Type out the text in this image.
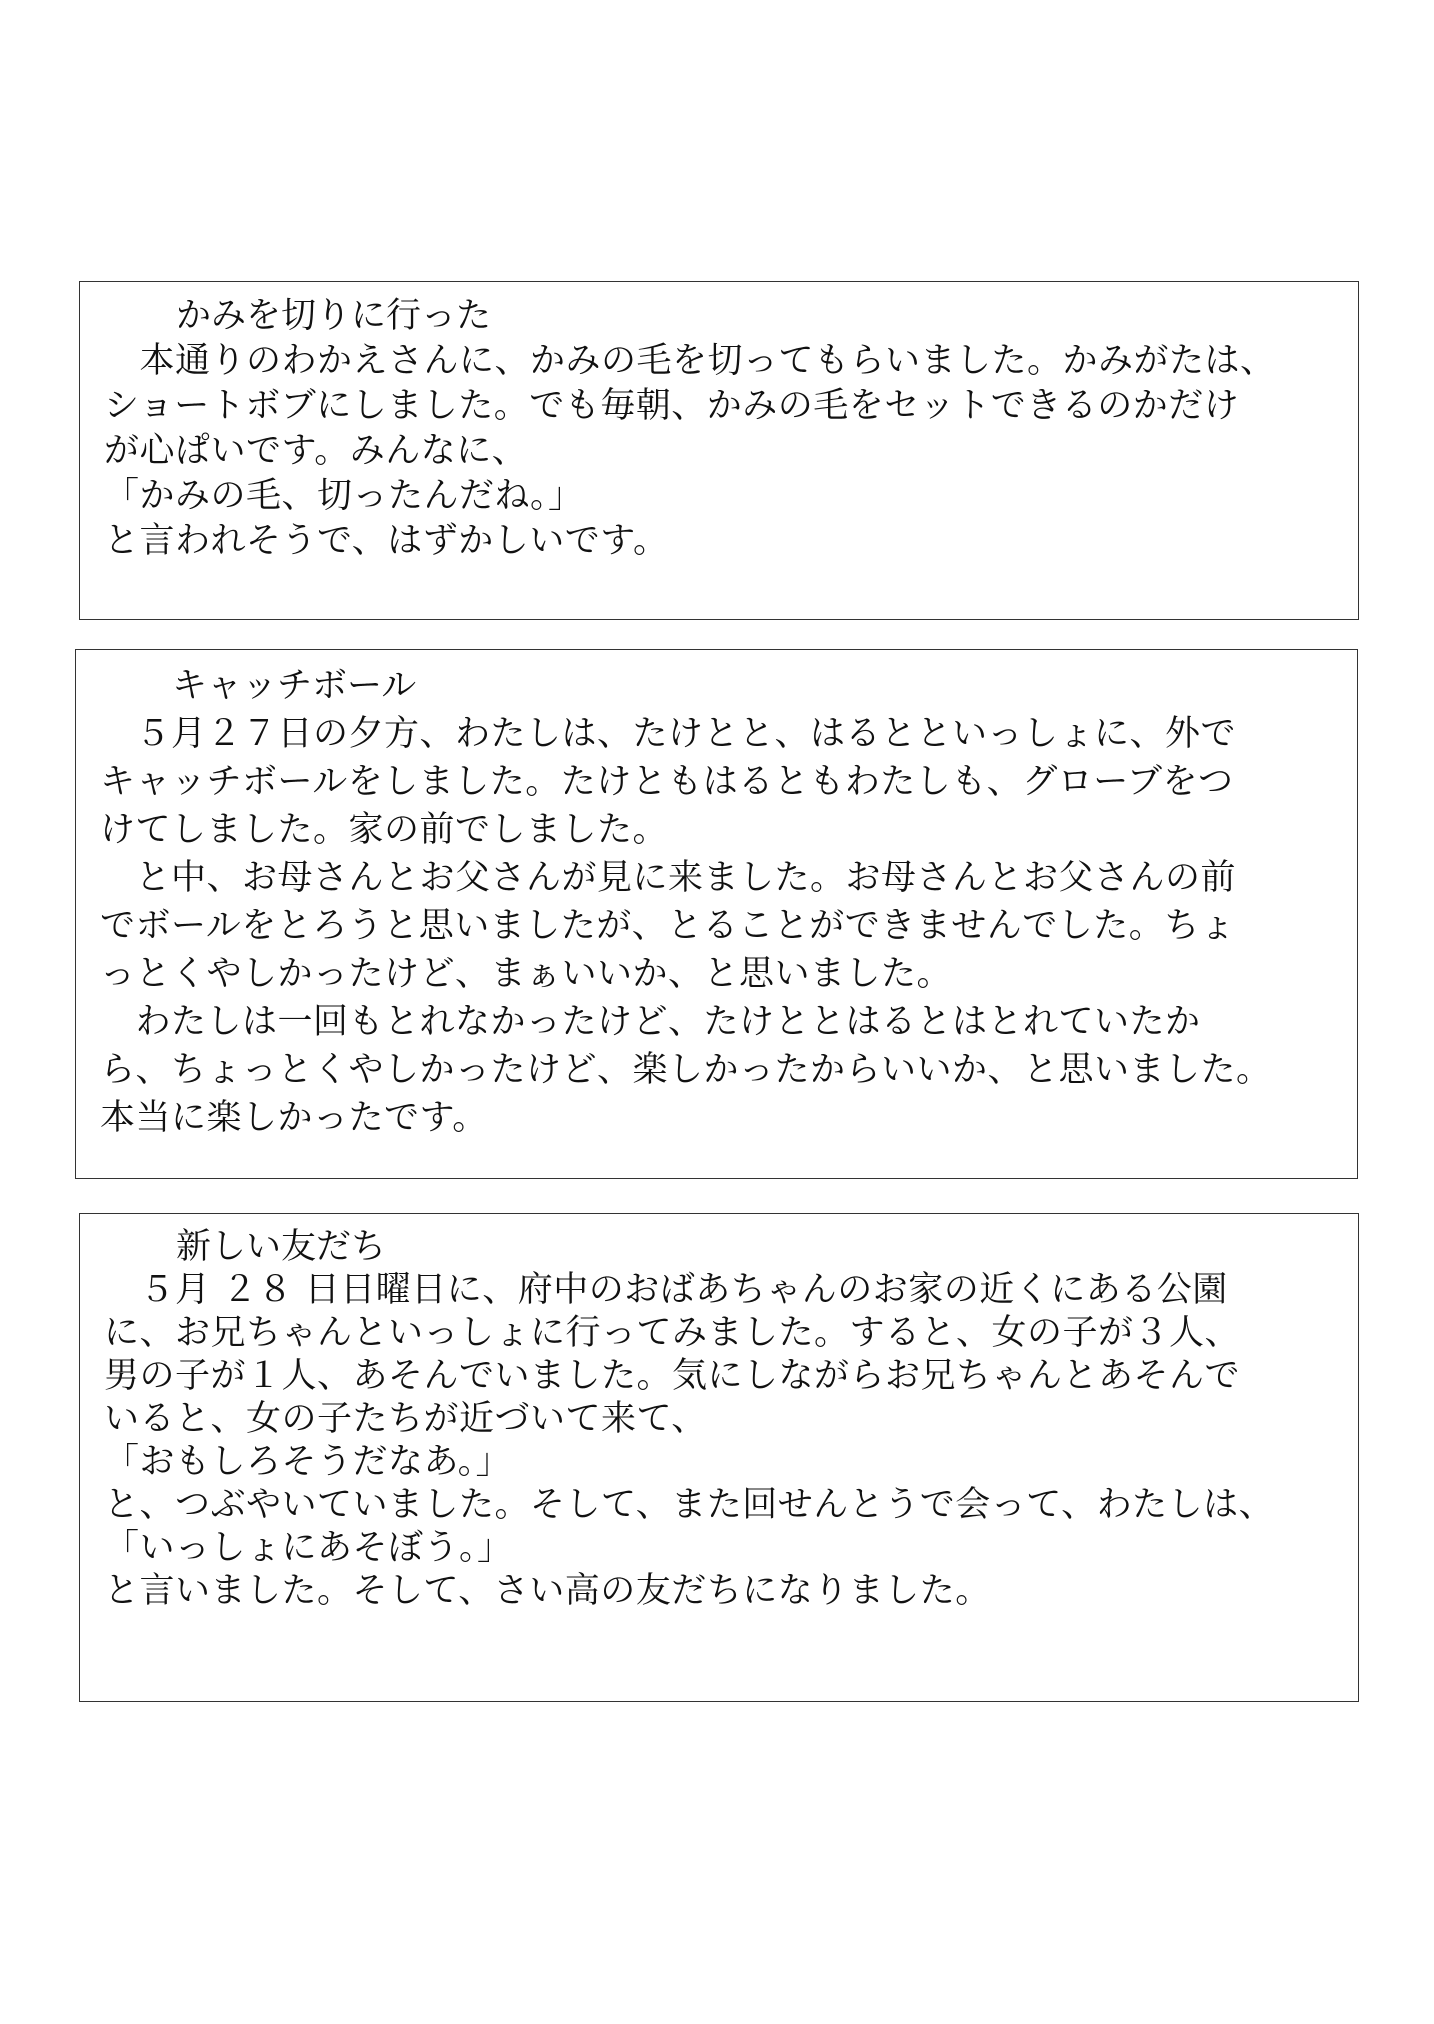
かみを切りに行った
　本通りのわかえさんに、かみの毛を切ってもらいました。かみがたは、
ショートボブにしました。でも毎朝、かみの毛をセットできるのかだけ
が心ぱいです。みんなに、
「かみの毛、切ったんだね。」
と言われそうで、はずかしいです。
キャッチボール
　５月２７日の夕方、わたしは、たけとと、はるとといっしょに、外で
キャッチボールをしました。たけともはるともわたしも、グローブをつ
けてしました。家の前でしました。
　と中、お母さんとお父さんが見に来ました。お母さんとお父さんの前
でボールをとろうと思いましたが、とることができませんでした。ちょ
っとくやしかったけど、まぁいいか、と思いました。
　わたしは一回もとれなかったけど、たけととはるとはとれていたか
ら、ちょっとくやしかったけど、楽しかったからいいか、と思いました。
本当に楽しかったです。
新しい友だち
　５月 ２８ 日日曜日に、府中のおばあちゃんのお家の近くにある公園
に、お兄ちゃんといっしょに行ってみました。すると、女の子が３人、
男の子が１人、あそんでいました。気にしながらお兄ちゃんとあそんで
いると、女の子たちが近づいて来て、
「おもしろそうだなあ。」
と、つぶやいていました。そして、また回せんとうで会って、わたしは、
「いっしょにあそぼう。」
と言いました。そして、さい高の友だちになりました。
